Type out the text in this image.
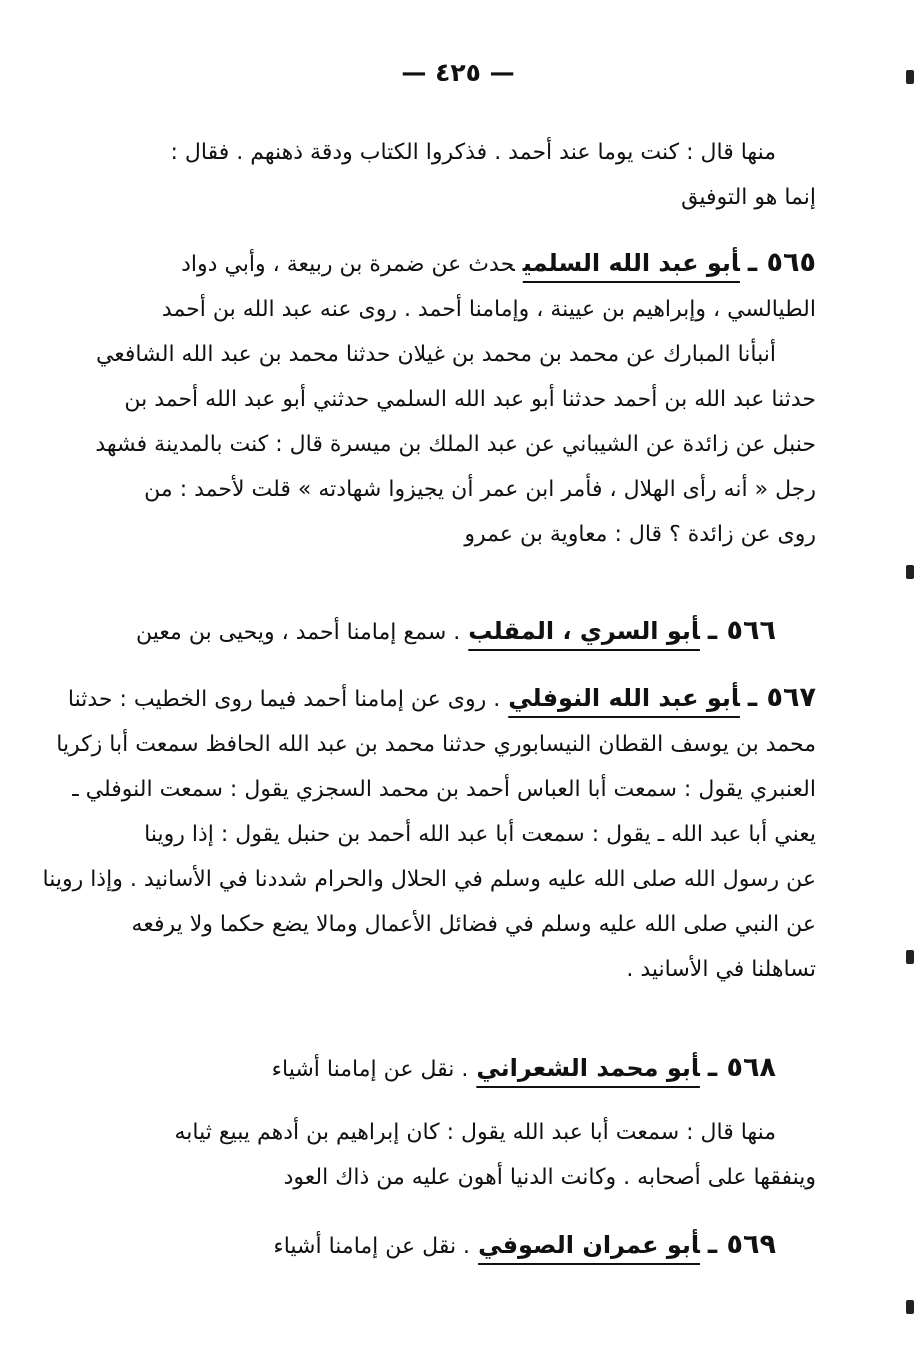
— ٤٢٥ —
منها قال : كنت يوما عند أحمد . فذكروا الكتاب ودقة ذهنهم . فقال :
إنما هو التوفيق
٥٦٥ ـأبو عبد الله السلميحدث عن ضمرة بن ربيعة ، وأبي دواد
الطيالسي ، وإبراهيم بن عيينة ، وإمامنا أحمد . روى عنه عبد الله بن أحمد
أنبأنا المبارك عن محمد بن محمد بن غيلان حدثنا محمد بن عبد الله الشافعي
حدثنا عبد الله بن أحمد حدثنا أبو عبد الله السلمي حدثني أبو عبد الله أحمد بن
حنبل عن زائدة عن الشيباني عن عبد الملك بن ميسرة قال : كنت بالمدينة فشهد
رجل « أنه رأى الهلال ، فأمر ابن عمر أن يجيزوا شهادته » قلت لأحمد : من
روى عن زائدة ؟ قال : معاوية بن عمرو
٥٦٦ ـأبو السري ، المقلب. سمع إمامنا أحمد ، ويحيى بن معين
٥٦٧ ـأبو عبد الله النوفلي. روى عن إمامنا أحمد فيما روى الخطيب : حدثنا
محمد بن يوسف القطان النيسابوري حدثنا محمد بن عبد الله الحافظ سمعت أبا زكريا
العنبري يقول : سمعت أبا العباس أحمد بن محمد السجزي يقول : سمعت النوفلي ـ
يعني أبا عبد الله ـ يقول : سمعت أبا عبد الله أحمد بن حنبل يقول : إذا روينا
عن رسول الله صلى الله عليه وسلم في الحلال والحرام شددنا في الأسانيد . وإذا روينا
عن النبي صلى الله عليه وسلم في فضائل الأعمال ومالا يضع حكما ولا يرفعه
تساهلنا في الأسانيد .
٥٦٨ ـأبو محمد الشعراني. نقل عن إمامنا أشياء
منها قال : سمعت أبا عبد الله يقول : كان إبراهيم بن أدهم يبيع ثيابه
وينفقها على أصحابه . وكانت الدنيا أهون عليه من ذاك العود
٥٦٩ ـأبو عمران الصوفي. نقل عن إمامنا أشياء
